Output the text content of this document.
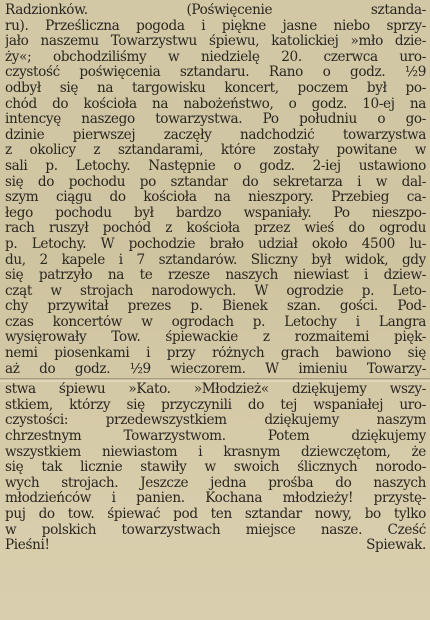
Radzionków. (Poświęcenie sztanda-
ru). Prześliczna pogoda i piękne jasne niebo sprzy-
jało naszemu Towarzystwu śpiewu, katolickiej »mło dzie-
ży«; obchodziliśmy w niedzielę 20. czerwca uro-
czystość poświęcenia sztandaru. Rano o godz. ½9
odbył się na targowisku koncert, poczem był po-
chód do kościoła na nabożeństwo, o godz. 10-ej na
intencyę naszego towarzystwa. Po południu o go-
dzinie pierwszej zaczęły nadchodzić towarzystwa
z okolicy z sztandarami, które zostały powitane w
sali p. Letochy. Następnie o godz. 2-iej ustawiono
się do pochodu po sztandar do sekretarza i w dal-
szym ciągu do kościoła na nieszpory. Przebieg ca-
łego pochodu był bardzo wspaniały. Po nieszpo-
rach ruszył pochód z kościoła przez wieś do ogrodu
p. Letochy. W pochodzie brało udział około 4500 lu-
du, 2 kapele i 7 sztandarów. Śliczny był widok, gdy
się patrzyło na te rzesze naszych niewiast i dziew-
cząt w strojach narodowych. W ogrodzie p. Leto-
chy przywitał prezes p. Bienek szan. gości. Pod-
czas koncertów w ogrodach p. Letochy i Langra
wysięrowały Tow. śpiewackie z rozmaitemi pięk-
nemi piosenkami i przy różnych grach bawiono się
aż do godz. ½9 wieczorem. W imieniu Towarzy-
stwa śpiewu »Kato. »Młodzież« dziękujemy wszy-
stkiem, którzy się przyczynili do tej wspaniałej uro-
czystości: przedewszystkiem dziękujemy naszym
chrzestnym Towarzystwom. Potem dziękujemy
wszystkiem niewiastom i krasnym dziewczętom, że
się tak licznie stawiły w swoich ślicznych norodo-
wych strojach. Jeszcze jedna prośba do naszych
młodzieńców i panien. Kochana młodzieży! przystę-
puj do tow. śpiewać pod ten sztandar nowy, bo tylko
w polskich towarzystwach miejsce nasze. Cześć
Pieśni! Śpiewak.
